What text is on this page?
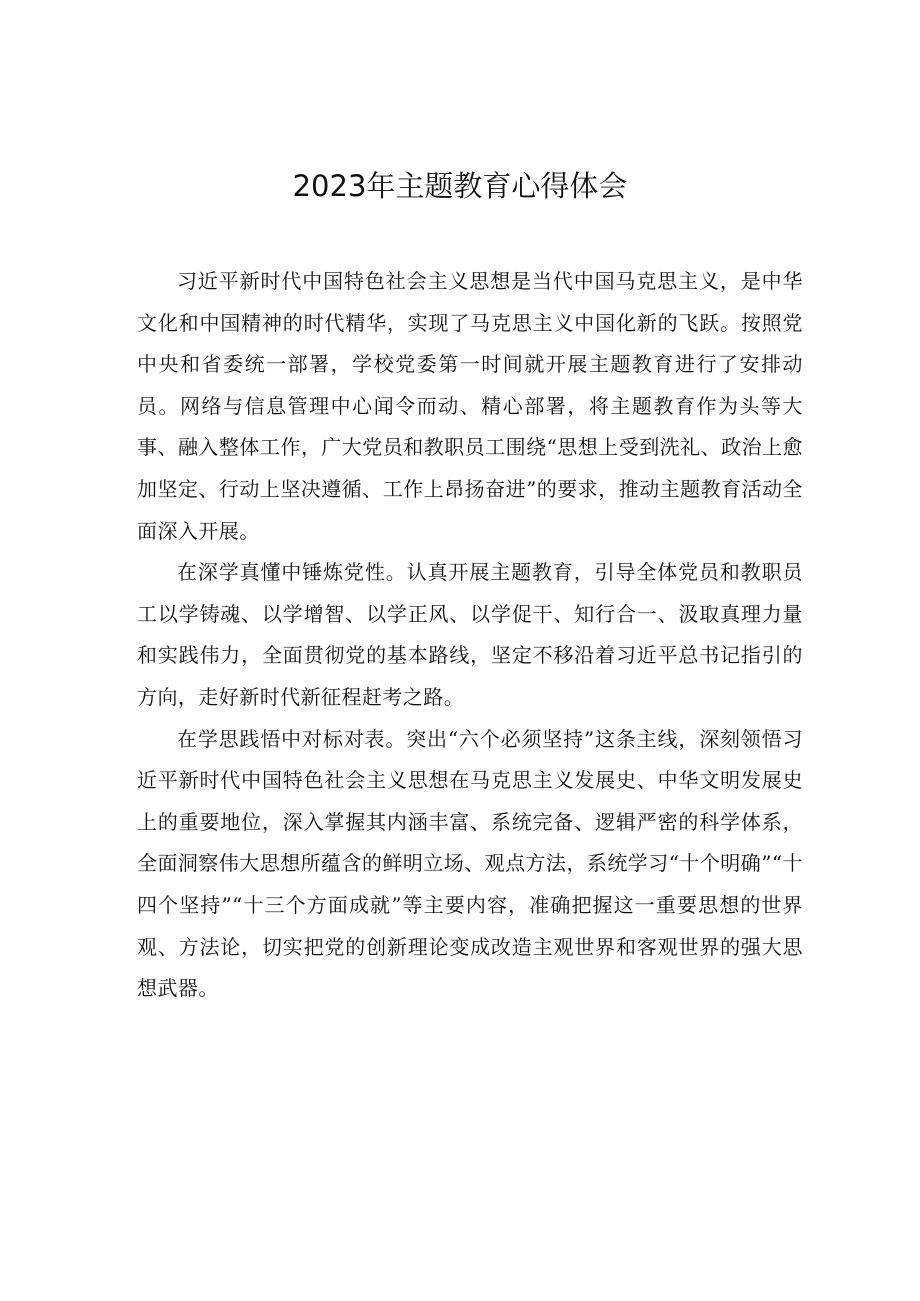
2023年主题教育心得体会

习近平新时代中国特色社会主义思想是当代中国马克思主义，是中华文化和中国精神的时代精华，实现了马克思主义中国化新的飞跃。按照党中央和省委统一部署，学校党委第一时间就开展主题教育进行了安排动员。网络与信息管理中心闻令而动、精心部署，将主题教育作为头等大事、融入整体工作，广大党员和教职员工围绕“思想上受到洗礼、政治上愈加坚定、行动上坚决遵循、工作上昂扬奋进”的要求，推动主题教育活动全面深入开展。

在深学真懂中锤炼党性。认真开展主题教育，引导全体党员和教职员工以学铸魂、以学增智、以学正风、以学促干、知行合一、汲取真理力量和实践伟力，全面贯彻党的基本路线，坚定不移沿着习近平总书记指引的方向，走好新时代新征程赶考之路。

在学思践悟中对标对表。突出“六个必须坚持”这条主线，深刻领悟习近平新时代中国特色社会主义思想在马克思主义发展史、中华文明发展史上的重要地位，深入掌握其内涵丰富、系统完备、逻辑严密的科学体系，全面洞察伟大思想所蕴含的鲜明立场、观点方法，系统学习“十个明确”“十四个坚持”“十三个方面成就”等主要内容，准确把握这一重要思想的世界观、方法论，切实把党的创新理论变成改造主观世界和客观世界的强大思想武器。
